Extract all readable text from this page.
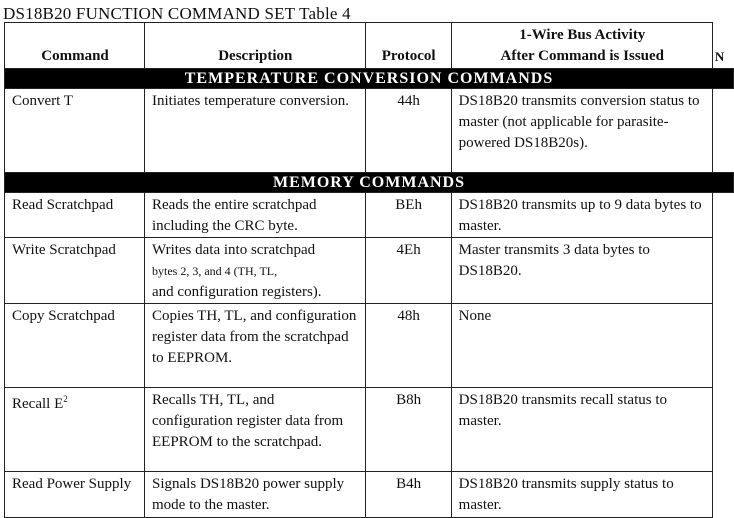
DS18B20 FUNCTION COMMAND SET Table 4
Command	Description	Protocol	1-Wire Bus Activity
After Command is Issued	N
TEMPERATURE CONVERSION COMMANDS				
Convert T	Initiates temperature conversion.	44h	DS18B20 transmits conversion status to master (not applicable for parasite-powered DS18B20s).	
MEMORY COMMANDS				
Read Scratchpad	Reads the entire scratchpad including the CRC byte.	BEh	DS18B20 transmits up to 9 data bytes to master.	
Write Scratchpad	Writes data into scratchpad
bytes 2, 3, and 4 (TH, TL,
and configuration registers).	4Eh	Master transmits 3 data bytes to DS18B20.	
Copy Scratchpad	Copies TH, TL, and configuration register data from the scratchpad to EEPROM.	48h	None	
Recall $E^2$	Recalls TH, TL, and configuration register data from EEPROM to the scratchpad.	B8h	DS18B20 transmits recall status to master.	
Read Power Supply	Signals DS18B20 power supply mode to the master.	B4h	DS18B20 transmits supply status to master.	
